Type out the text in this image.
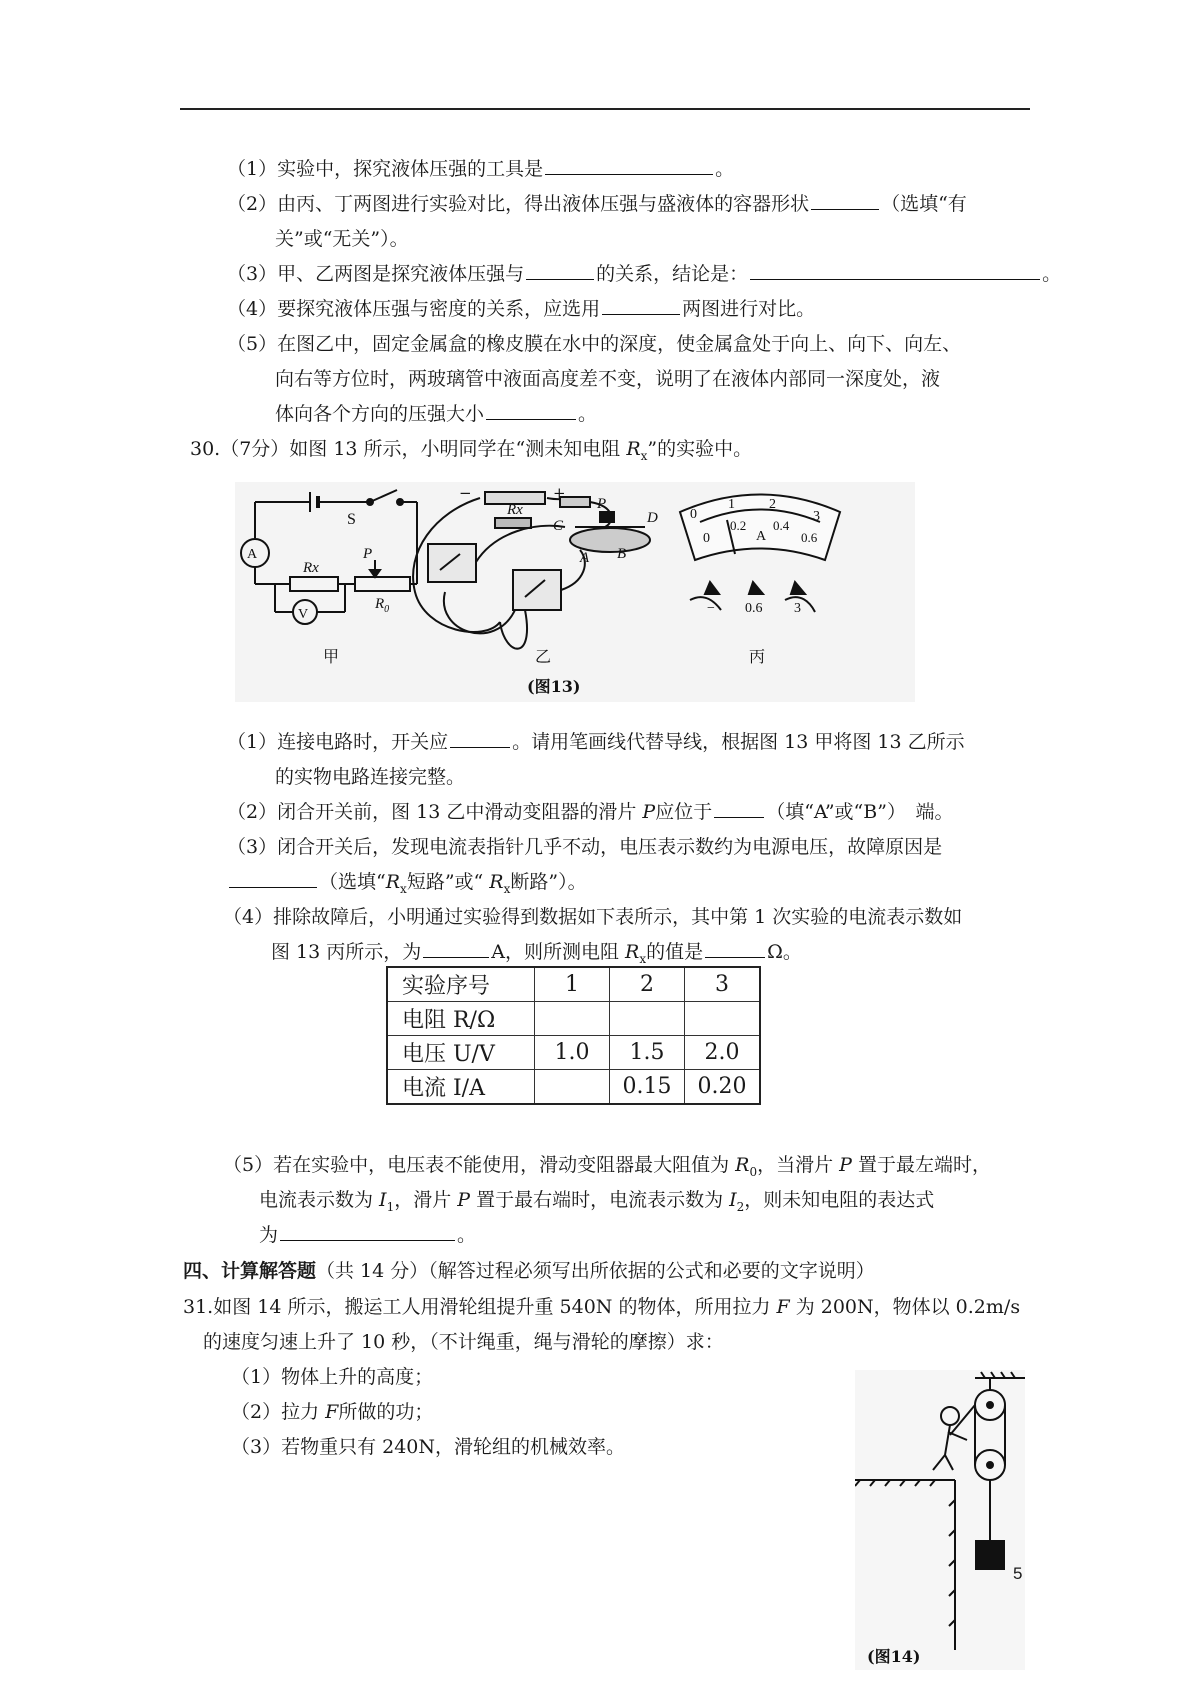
（1）实验中，探究液体压强的工具是	。
（2）由丙、丁两图进行实验对比，得出液体压强与盛液体的容器形状	（选填“有
关”或“无关”）。
（3）甲、乙两图是探究液体压强与	的关系，结论是：	。
（4）要探究液体压强与密度的关系，应选用	两图进行对比。
（5）在图乙中，固定金属盒的橡皮膜在水中的深度，使金属盒处于向上、向下、向左、
向右等方位时，两玻璃管中液面高度差不变，说明了在液体内部同一深度处，液
体向各个方向的压强大小	。
30.（7分）如图 13 所示，小明同学在“测未知电阻 $R_x$”的实验中。
A
V
S
Rx
P
$R_0$
−	+
Rx
C
P
D
A B
0
1 2
3
0
0.2 0.4
0.6
A
− 0.6 3
甲	乙	丙
(图13)
（1）连接电路时，开关应	。请用笔画线代替导线，根据图 13 甲将图 13 乙所示
的实物电路连接完整。
（2）闭合开关前，图 13 乙中滑动变阻器的滑片 P应位于	（填“A”或“B”）　端。
（3）闭合开关后，发现电流表指针几乎不动，电压表示数约为电源电压，故障原因是
（选填“$R_x$短路”或“ $R_x$断路”）。
（4）排除故障后，小明通过实验得到数据如下表所示，其中第 1 次实验的电流表示数如
图 13 丙所示，为	A，则所测电阻 $R_x$的值是	Ω。
实验序号	1	2	3
电阻 R/Ω			
电压 U/V	1.0	1.5	2.0
电流 I/A		0.15	0.20
（5）若在实验中，电压表不能使用，滑动变阻器最大阻值为 $R_0$，当滑片 P 置于最左端时，
电流表示数为 $I_1$，滑片 P 置于最右端时，电流表示数为 $I_2$，则未知电阻的表达式
为	。
四、计算解答题（共 14 分）（解答过程必须写出所依据的公式和必要的文字说明）
31.如图 14 所示，搬运工人用滑轮组提升重 540N 的物体，所用拉力 F 为 200N，物体以 0.2m/s
的速度匀速上升了 10 秒，（不计绳重，绳与滑轮的摩擦）求：
（1）物体上升的高度；
（2）拉力 F所做的功；
（3）若物重只有 240N，滑轮组的机械效率。
(图14)
5
